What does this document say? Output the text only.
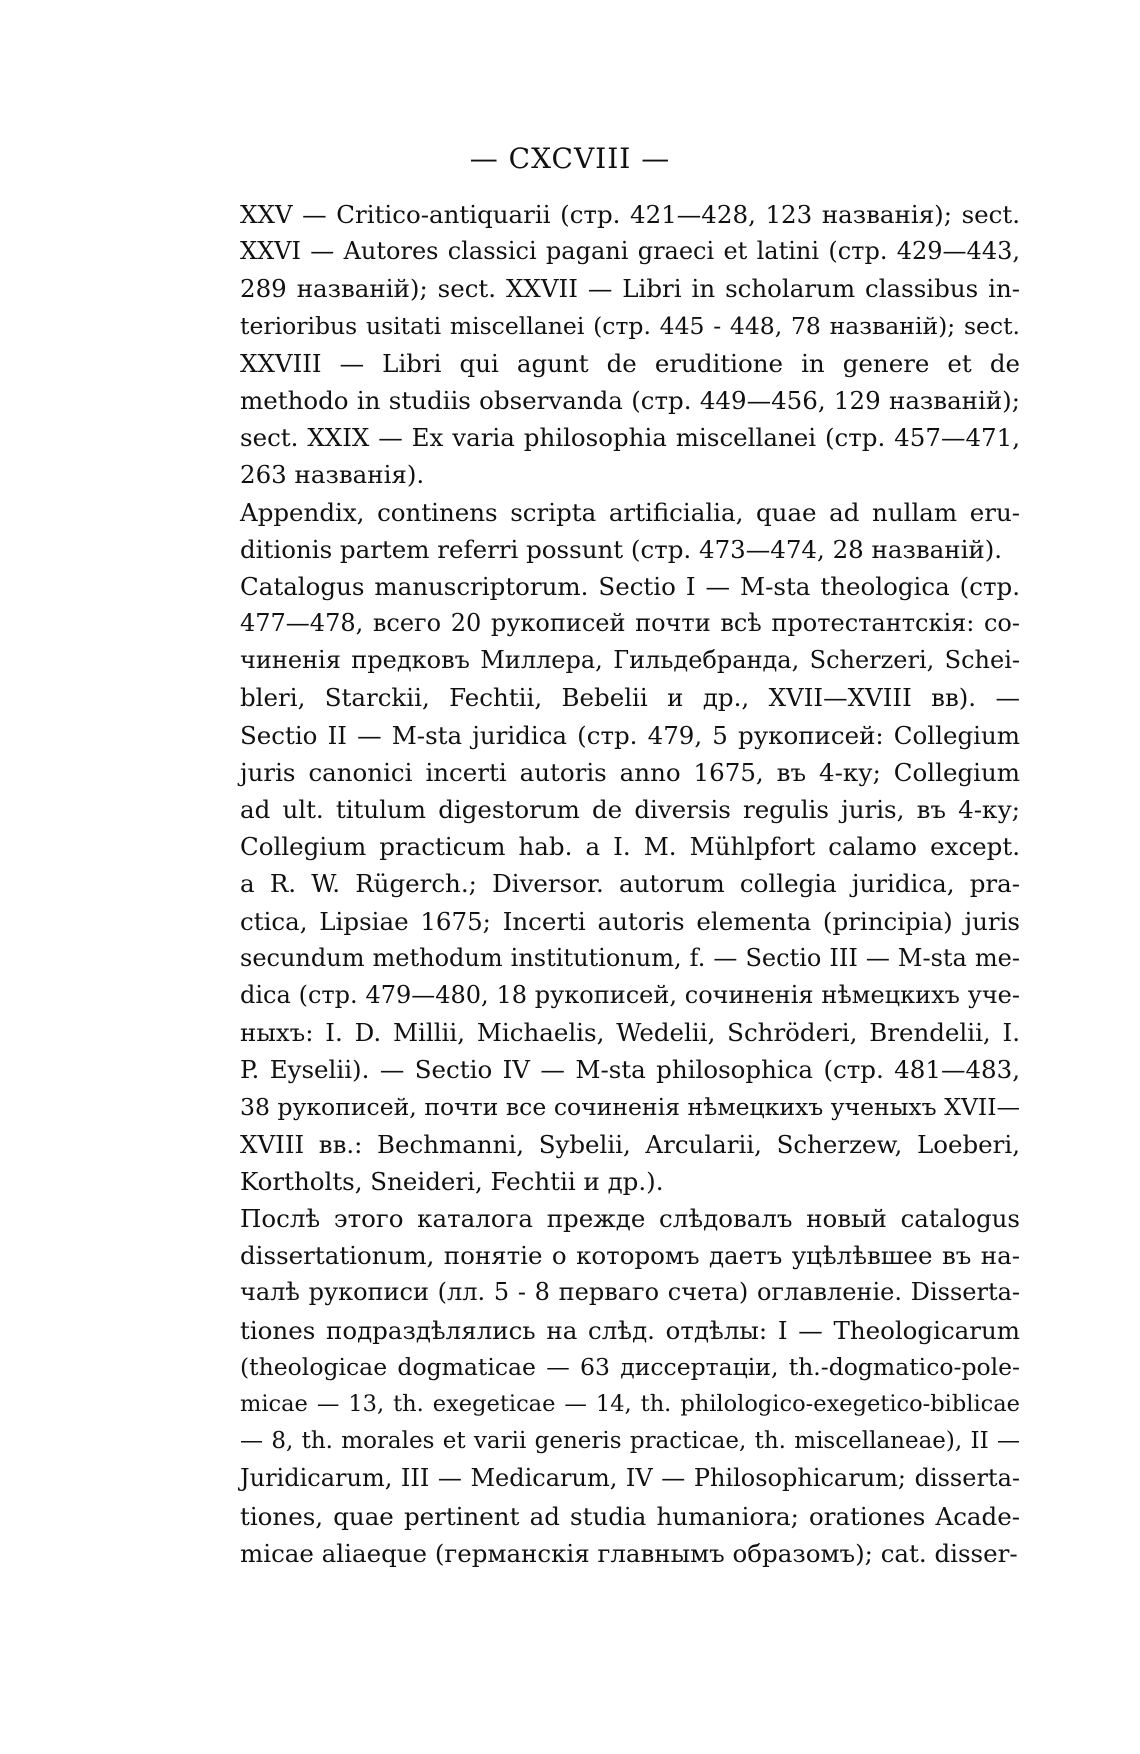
— CXCVIII —
XXV — Critico-antiquarii (стр. 421—428, 123 названія); sect.
XXVI — Autores classici pagani graeci et latini (стр. 429—443,
289 названій); sect. XXVII — Libri in scholarum classibus in-
terioribus usitati miscellanei (стр. 445 - 448, 78 названій); sect.
XXVIII — Libri qui agunt de eruditione in genere et de
methodo in studiis observanda (стр. 449—456, 129 названій);
sect. XXIX — Ex varia philosophia miscellanei (стр. 457—471,
263 названія).
Appendix, continens scripta artificialia, quae ad nullam eru-
ditionis partem referri possunt (стр. 473—474, 28 названій).
Catalogus manuscriptorum. Sectio I — M-sta theologica (стр.
477—478, всего 20 рукописей почти всѣ протестантскія: со-
чиненія предковъ Миллера, Гильдебранда, Scherzeri, Schei-
bleri, Starckii, Fechtii, Bebelii и др., XVII—XVIII вв). —
Sectio II — M-sta juridica (стр. 479, 5 рукописей: Collegium
juris canonici incerti autoris anno 1675, въ 4-ку; Collegium
ad ult. titulum digestorum de diversis regulis juris, въ 4-ку;
Collegium practicum hab. a I. M. Mühlpfort calamo except.
a R. W. Rügerch.; Diversor. autorum collegia juridica, pra-
ctica, Lipsiae 1675; Incerti autoris elementa (principia) juris
secundum methodum institutionum, f. — Sectio III — M-sta me-
dica (стр. 479—480, 18 рукописей, сочиненія нѣмецкихъ уче-
ныхъ: I. D. Millii, Michaelis, Wedelii, Schröderi, Brendelii, I.
P. Eyselii). — Sectio IV — M-sta philosophica (стр. 481—483,
38 рукописей, почти все сочиненія нѣмецкихъ ученыхъ XVII—
XVIII вв.: Bechmanni, Sybelii, Arcularii, Scherzew, Loeberi,
Kortholts, Sneideri, Fechtii и др.).
Послѣ этого каталога прежде слѣдовалъ новый catalogus
dissertationum, понятіе о которомъ даетъ уцѣлѣвшее въ на-
чалѣ рукописи (лл. 5 - 8 перваго счета) оглавленіе. Disserta-
tiones подраздѣлялись на слѣд. отдѣлы: I — Theologicarum
(theologicae dogmaticae — 63 диссертаціи, th.-dogmatico-pole-
micae — 13, th. exegeticae — 14, th. philologico-exegetico-biblicae
— 8, th. morales et varii generis practicae, th. miscellaneae), II —
Juridicarum, III — Medicarum, IV — Philosophicarum; disserta-
tiones, quae pertinent ad studia humaniora; orationes Acade-
micae aliaeque (германскія главнымъ образомъ); cat. disser-
